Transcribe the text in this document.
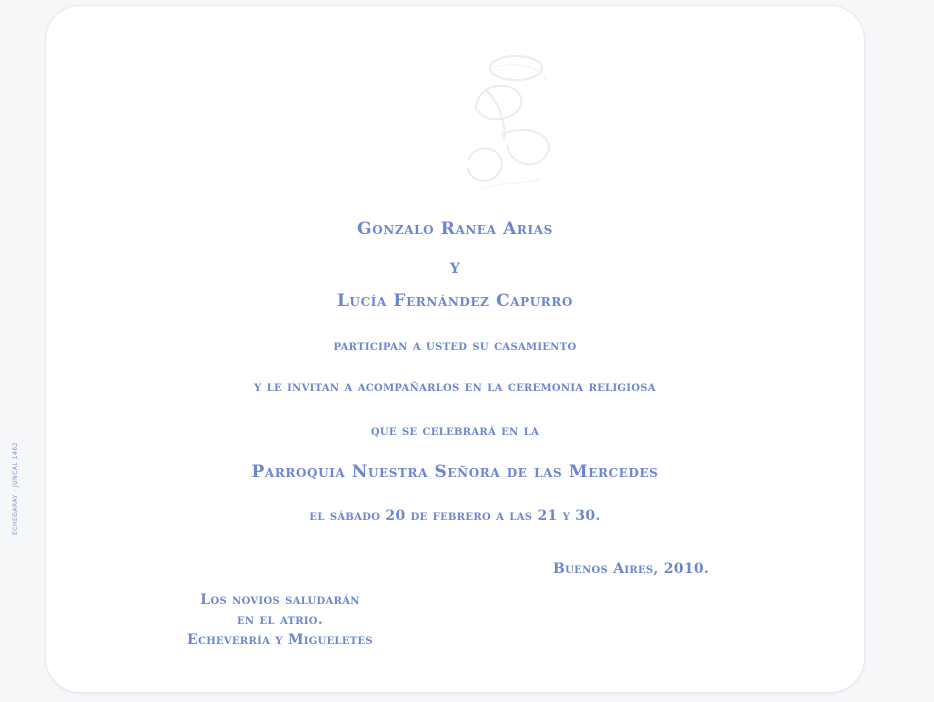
ECHEGARAY · JUNCAL 1462
Gonzalo Ranea Arias
Y
Lucía Fernández Capurro
participan a usted su casamiento
y le invitan a acompañarlos en la ceremonia religiosa
que se celebrará en la
Parroquia Nuestra Señora de las Mercedes
el sábado 20 de febrero a las 21 y 30.
Buenos Aires, 2010.
Los novios saludarán
en el atrio.
Echeverría y Migueletes
